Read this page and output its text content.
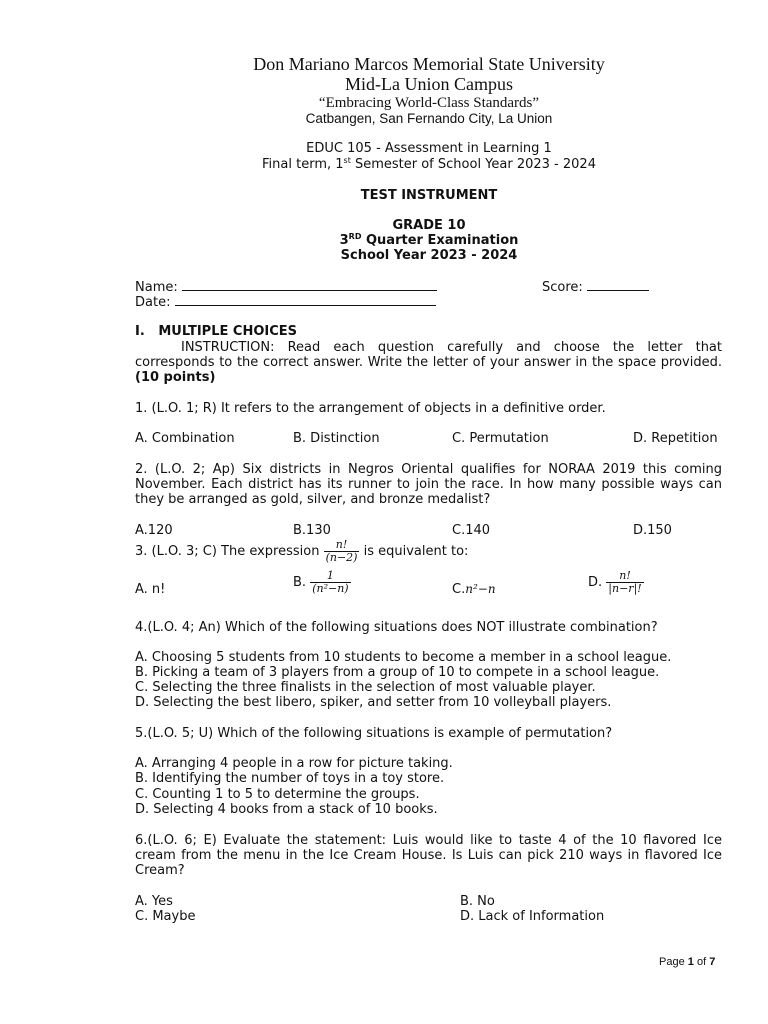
Don Mariano Marcos Memorial State University
Mid-La Union Campus
“Embracing World-Class Standards”
Catbangen, San Fernando City, La Union
EDUC 105 - Assessment in Learning 1
Final term, 1st Semester of School Year 2023 - 2024
TEST INSTRUMENT
GRADE 10
3RD Quarter Examination
School Year 2023 - 2024
Name:
Date:
Score:
I.   MULTIPLE CHOICES
INSTRUCTION: Read each question carefully and choose the letter that corresponds to the correct answer. Write the letter of your answer in the space provided. (10 points)
1. (L.O. 1; R) It refers to the arrangement of objects in a definitive order.
A. Combination	B. Distinction	C. Permutation	D. Repetition
2. (L.O. 2; Ap) Six districts in Negros Oriental qualifies for NORAA 2019 this coming November. Each district has its runner to join the race. In how many possible ways can they be arranged as gold, silver, and bronze medalist?
A.120	B.130	C.140	D.150
3. (L.O. 3; C) The expression $\frac{n!}{(n-2)}$ is equivalent to:
A. n!	B. $\frac{1}{\text{(n²−n)}}$	C.n²−n	D. $\frac{n!}{|n-r|!}$
4.(L.O. 4; An) Which of the following situations does NOT illustrate combination?
A. Choosing 5 students from 10 students to become a member in a school league.
B. Picking a team of 3 players from a group of 10 to compete in a school league.
C. Selecting the three finalists in the selection of most valuable player.
D. Selecting the best libero, spiker, and setter from 10 volleyball players.
5.(L.O. 5; U) Which of the following situations is example of permutation?
A. Arranging 4 people in a row for picture taking.
B. Identifying the number of toys in a toy store.
C. Counting 1 to 5 to determine the groups.
D. Selecting 4 books from a stack of 10 books.
6.(L.O. 6; E) Evaluate the statement: Luis would like to taste 4 of the 10 flavored Ice cream from the menu in the Ice Cream House. Is Luis can pick 210 ways in flavored Ice Cream?
A. Yes	B. No
C. Maybe	D. Lack of Information
Page 1 of 7
